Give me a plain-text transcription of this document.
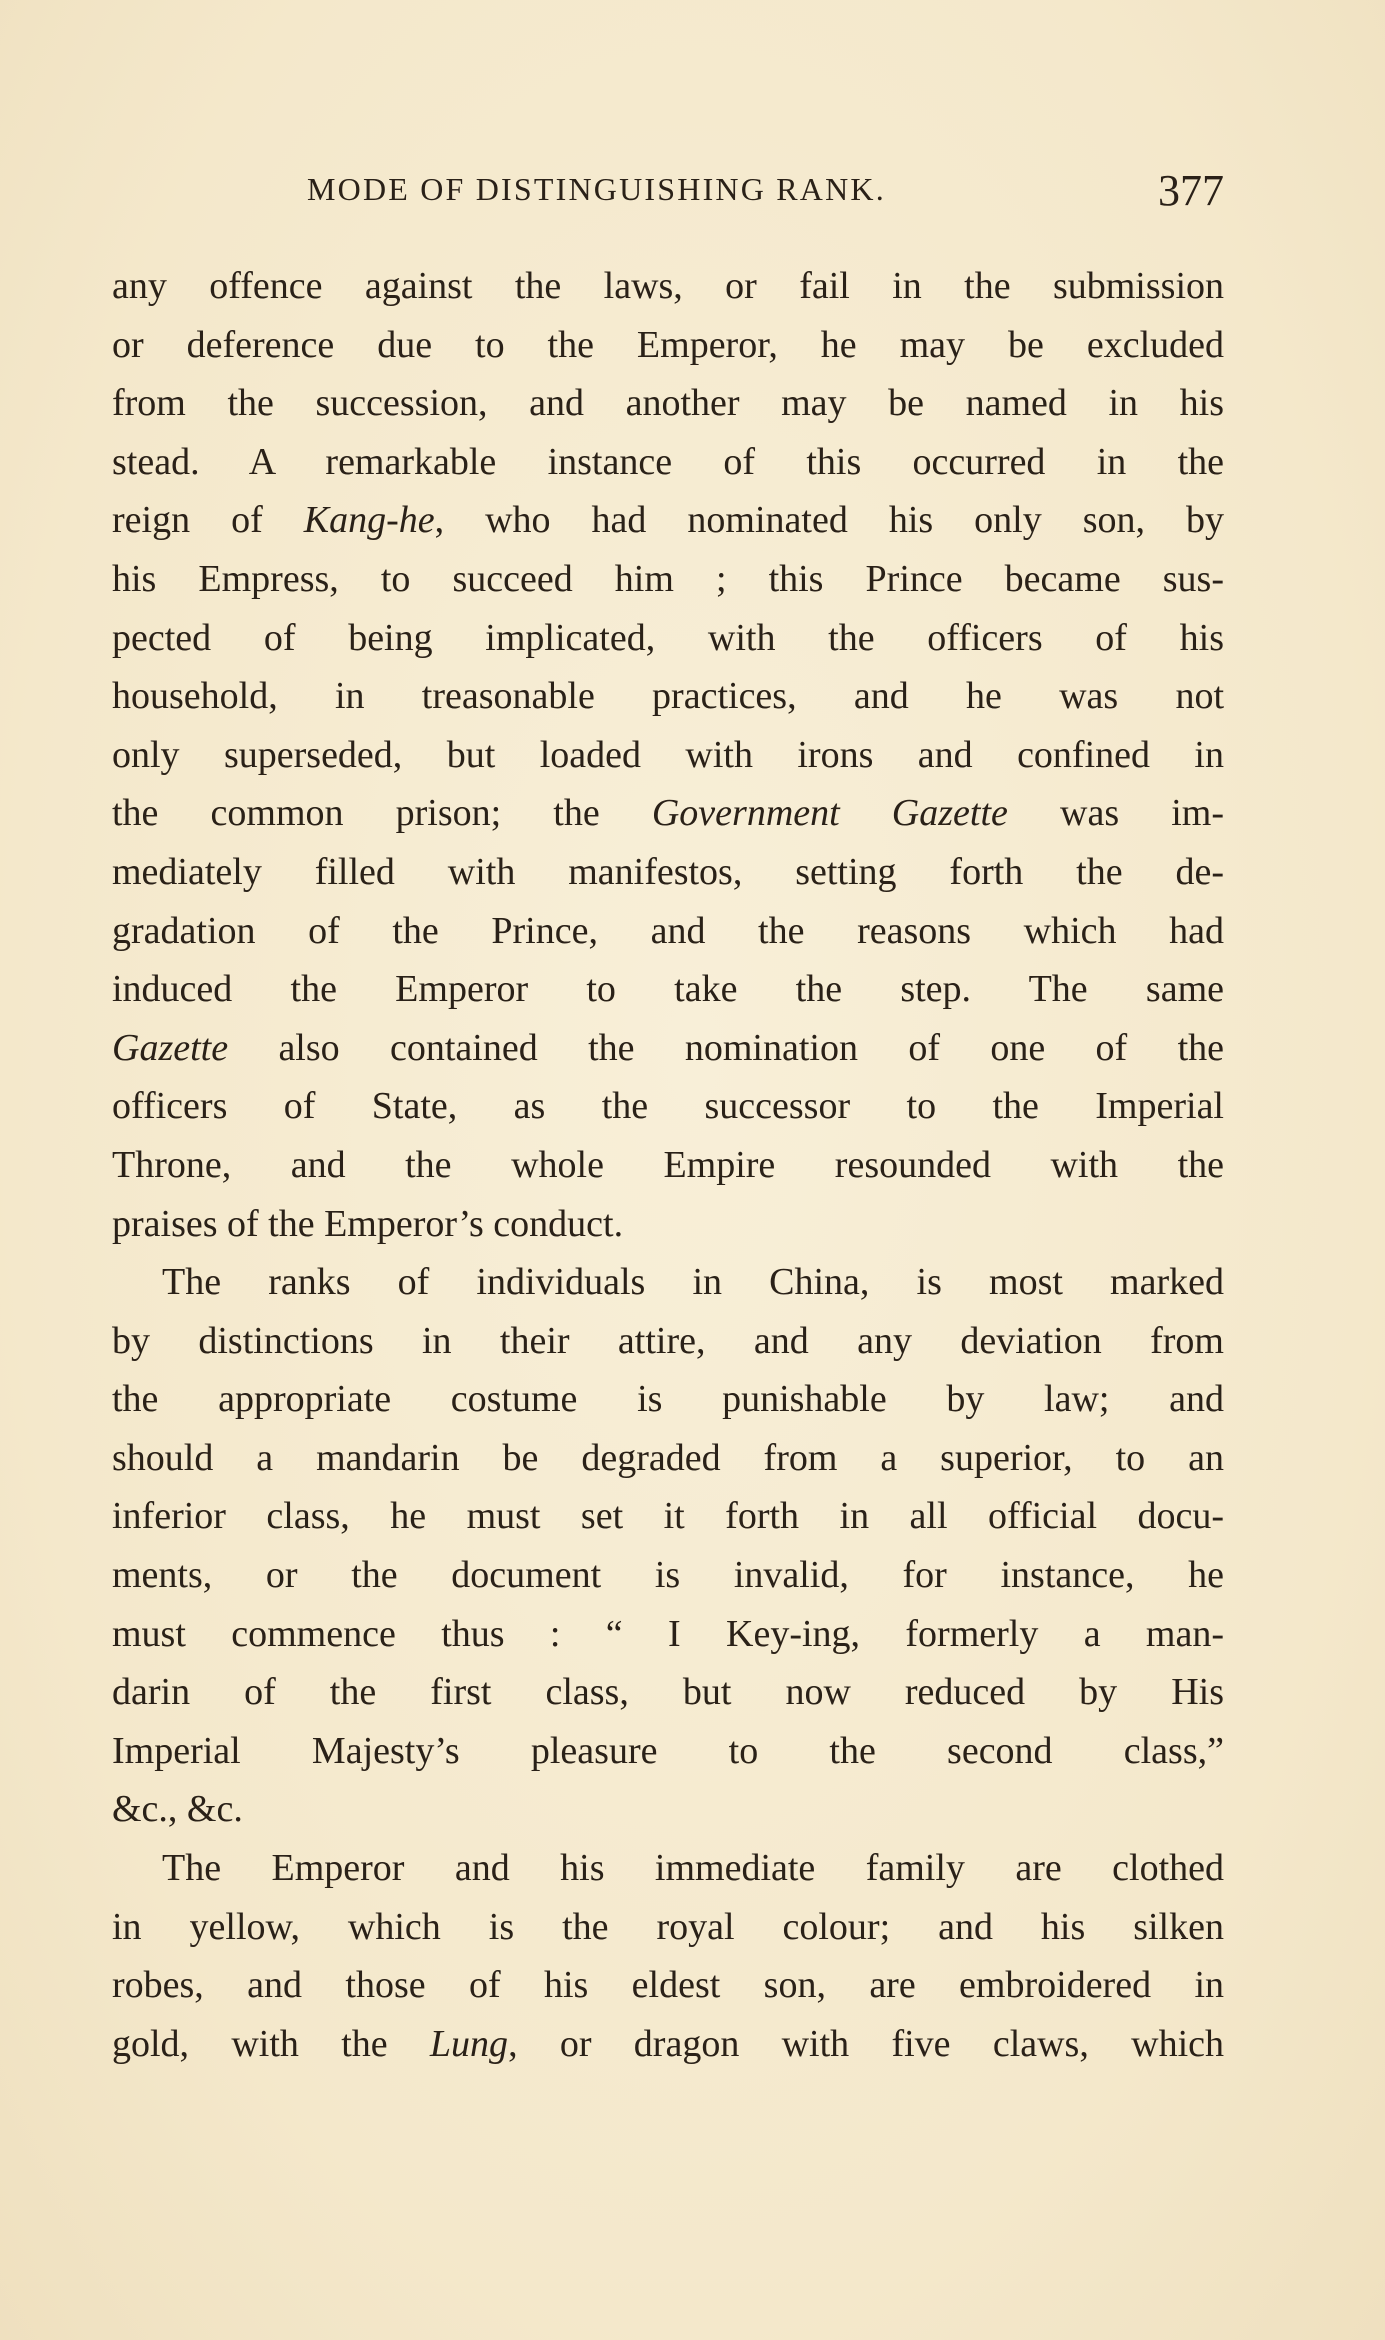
MODE OF DISTINGUISHING RANK.	377
any offence against the laws, or fail in the submission
or deference due to the Emperor, he may be excluded
from the succession, and another may be named in his
stead. A remarkable instance of this occurred in the
reign of Kang-he, who had nominated his only son, by
his Empress, to succeed him ; this Prince became sus-
pected of being implicated, with the officers of his
household, in treasonable practices, and he was not
only superseded, but loaded with irons and confined in
the common prison; the Government Gazette was im-
mediately filled with manifestos, setting forth the de-
gradation of the Prince, and the reasons which had
induced the Emperor to take the step. The same
Gazette also contained the nomination of one of the
officers of State, as the successor to the Imperial
Throne, and the whole Empire resounded with the
praises of the Emperor’s conduct.
The ranks of individuals in China, is most marked
by distinctions in their attire, and any deviation from
the appropriate costume is punishable by law; and
should a mandarin be degraded from a superior, to an
inferior class, he must set it forth in all official docu-
ments, or the document is invalid, for instance, he
must commence thus : “ I Key-ing, formerly a man-
darin of the first class, but now reduced by His
Imperial Majesty’s pleasure to the second class,”
&c., &c.
The Emperor and his immediate family are clothed
in yellow, which is the royal colour; and his silken
robes, and those of his eldest son, are embroidered in
gold, with the Lung, or dragon with five claws, which
